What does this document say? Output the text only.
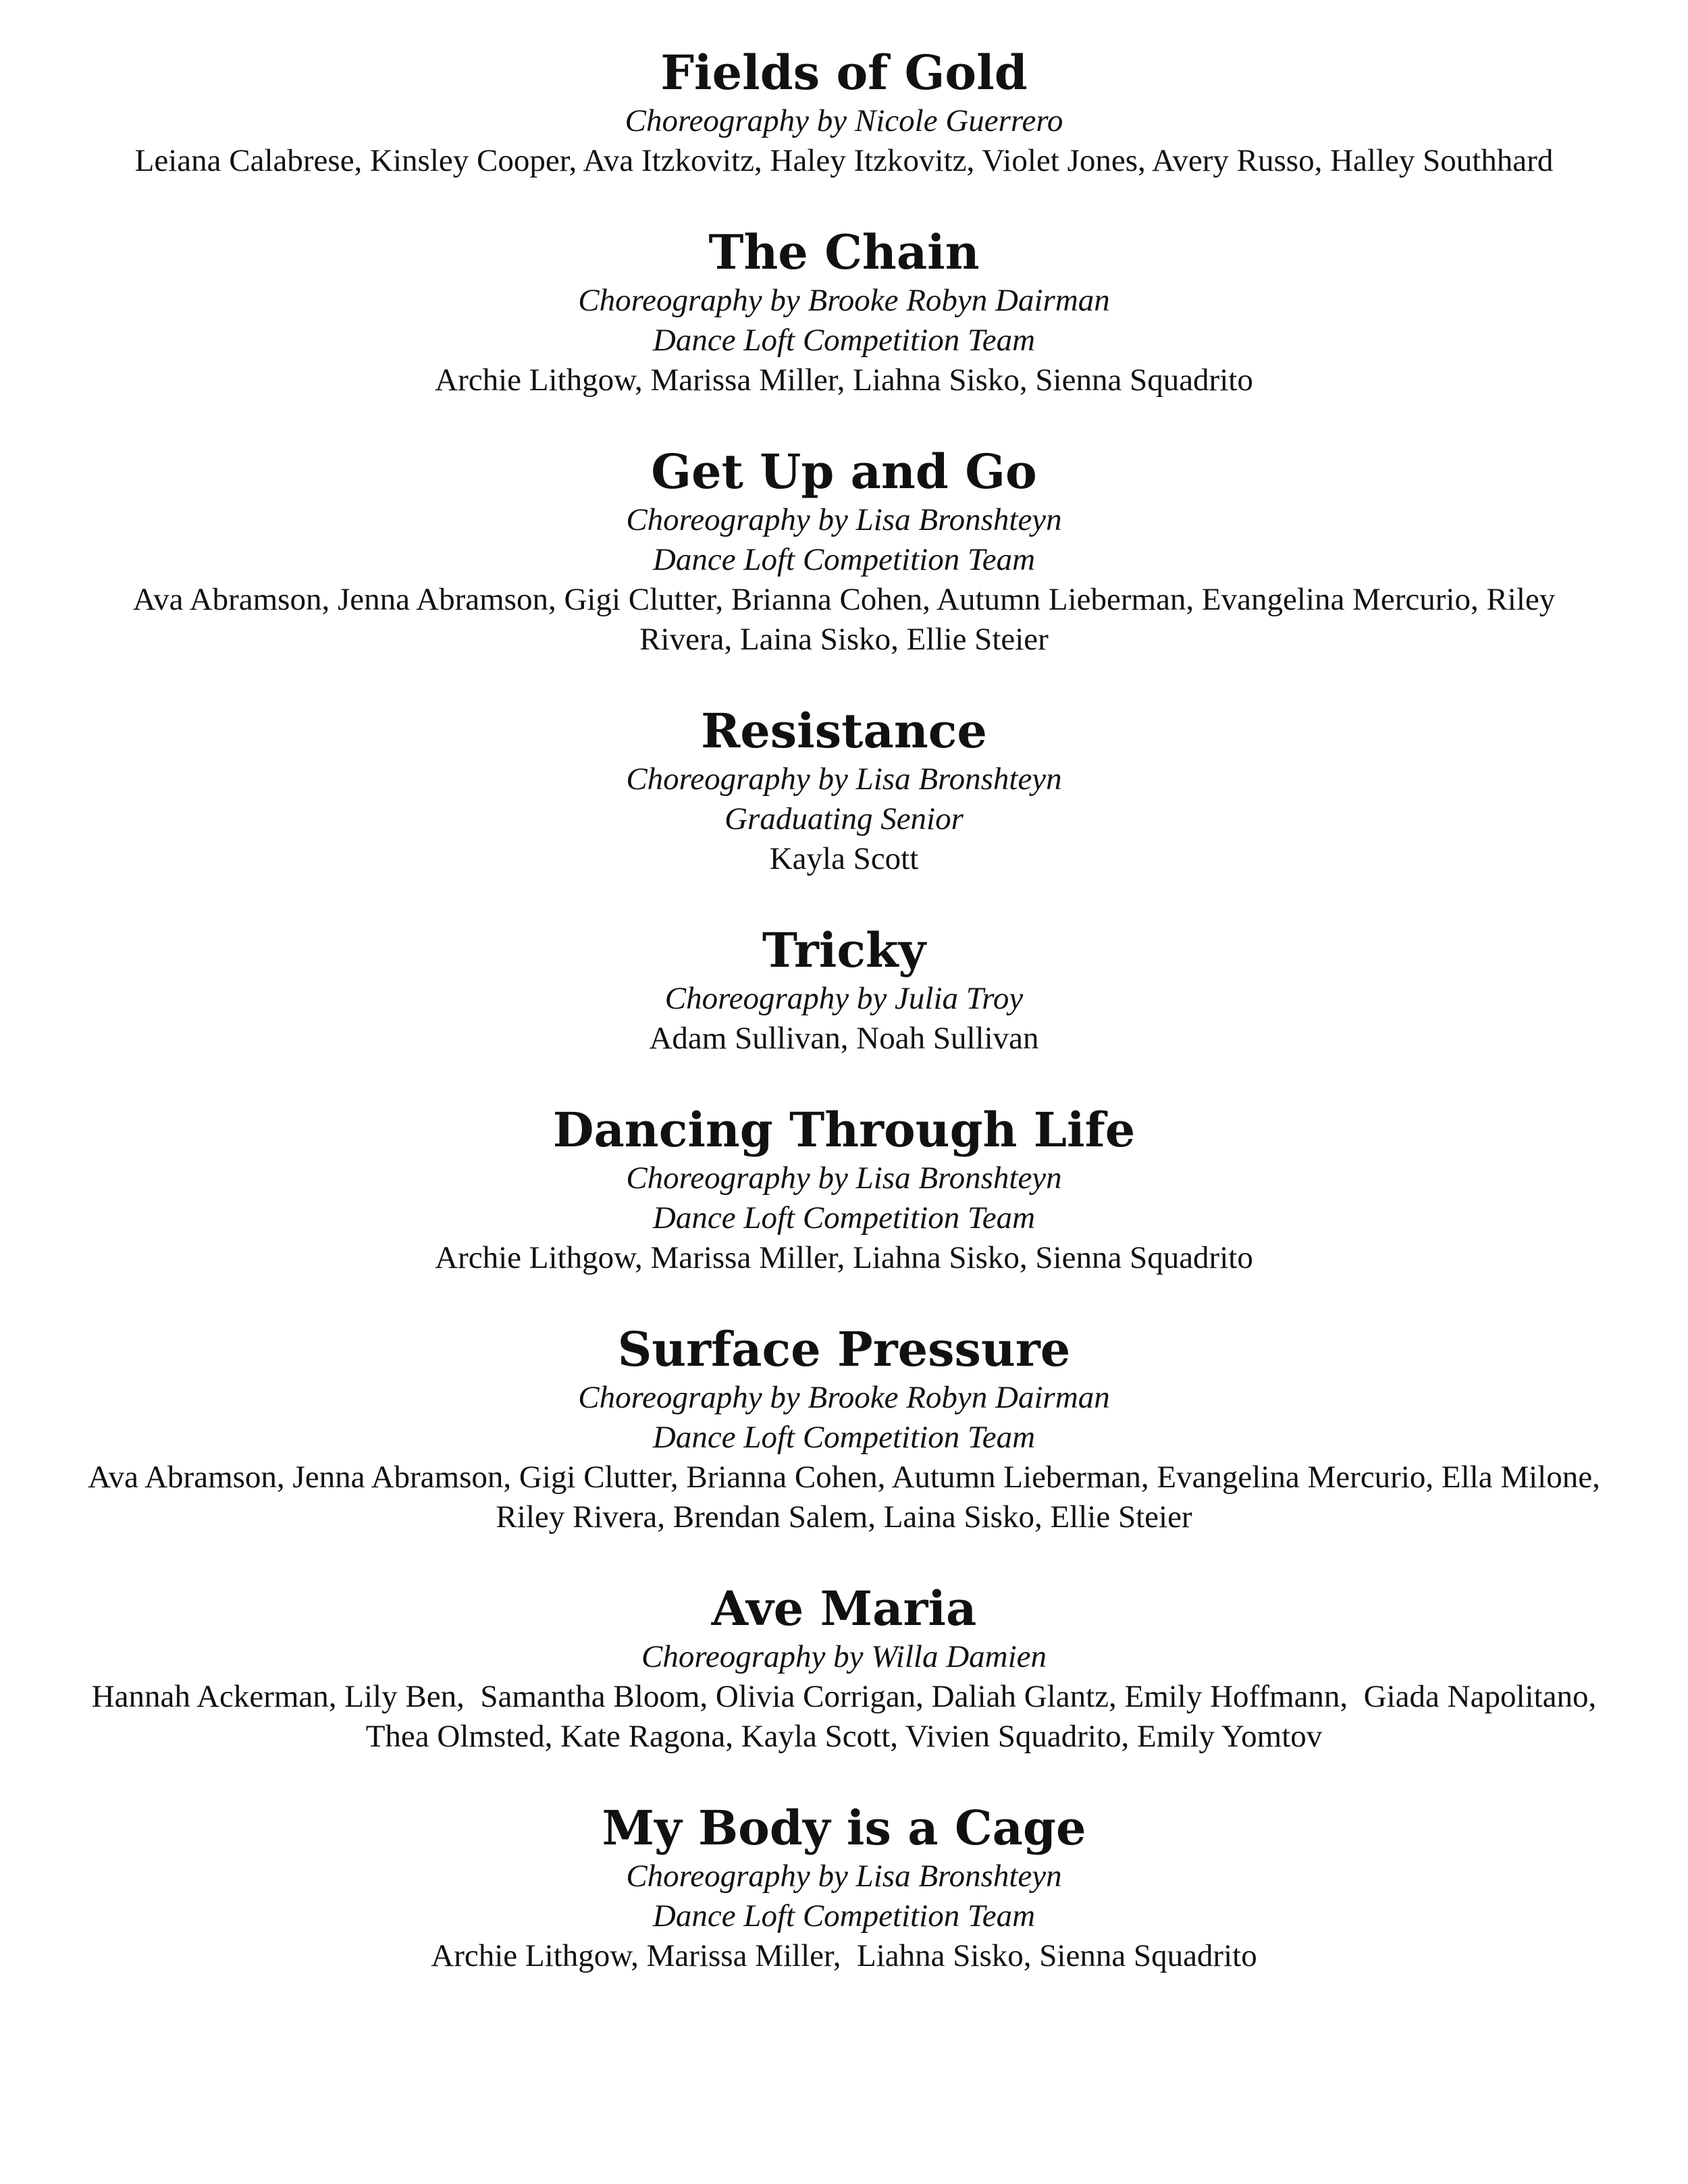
Fields of Gold

Choreography by Nicole Guerrero

Leiana Calabrese, Kinsley Cooper, Ava Itzkovitz, Haley Itzkovitz, Violet Jones, Avery Russo, Halley Southhard

The Chain

Choreography by Brooke Robyn Dairman

Dance Loft Competition Team

Archie Lithgow, Marissa Miller, Liahna Sisko, Sienna Squadrito

Get Up and Go

Choreography by Lisa Bronshteyn

Dance Loft Competition Team

Ava Abramson, Jenna Abramson, Gigi Clutter, Brianna Cohen, Autumn Lieberman, Evangelina Mercurio, Riley

Rivera, Laina Sisko, Ellie Steier

Resistance

Choreography by Lisa Bronshteyn

Graduating Senior

Kayla Scott

Tricky

Choreography by Julia Troy

Adam Sullivan, Noah Sullivan

Dancing Through Life

Choreography by Lisa Bronshteyn

Dance Loft Competition Team

Archie Lithgow, Marissa Miller, Liahna Sisko, Sienna Squadrito

Surface Pressure

Choreography by Brooke Robyn Dairman

Dance Loft Competition Team

Ava Abramson, Jenna Abramson, Gigi Clutter, Brianna Cohen, Autumn Lieberman, Evangelina Mercurio, Ella Milone,

Riley Rivera, Brendan Salem, Laina Sisko, Ellie Steier

Ave Maria

Choreography by Willa Damien

Hannah Ackerman, Lily Ben,  Samantha Bloom, Olivia Corrigan, Daliah Glantz, Emily Hoffmann,  Giada Napolitano,

Thea Olmsted, Kate Ragona, Kayla Scott, Vivien Squadrito, Emily Yomtov

My Body is a Cage

Choreography by Lisa Bronshteyn

Dance Loft Competition Team

Archie Lithgow, Marissa Miller,  Liahna Sisko, Sienna Squadrito
